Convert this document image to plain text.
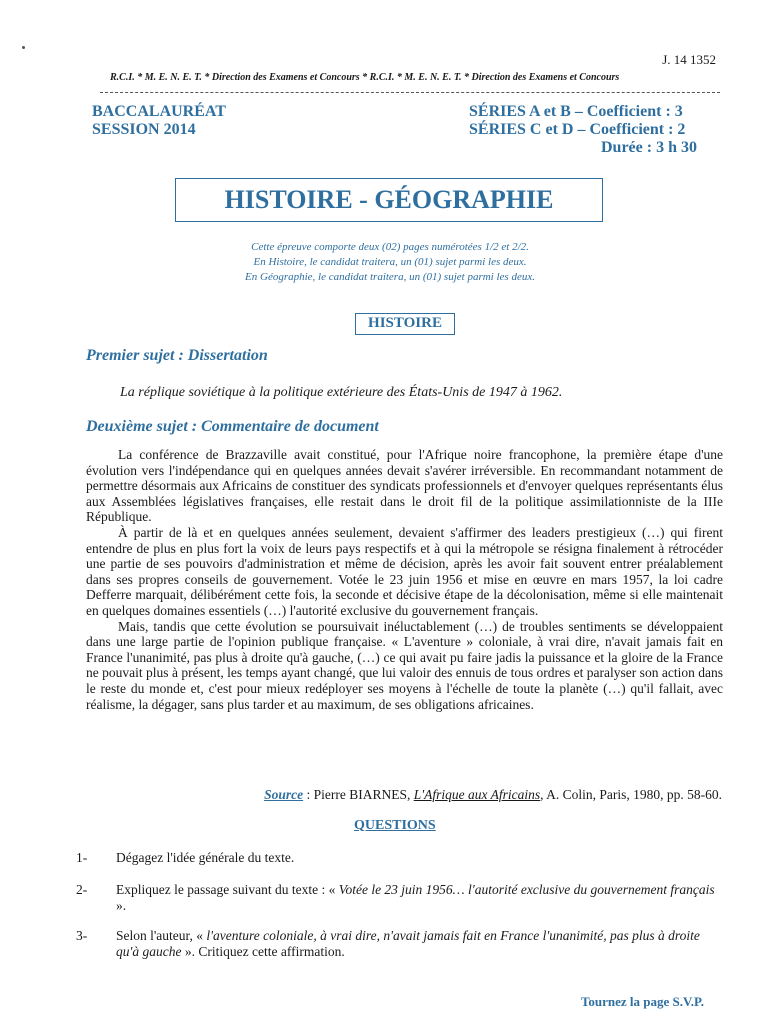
J. 14 1352
R.C.I. * M. E. N. E. T. * Direction des Examens et Concours * R.C.I. * M. E. N. E. T. * Direction des Examens et Concours
BACCALAURÉAT
SESSION 2014
SÉRIES A et B – Coefficient : 3
SÉRIES C et D – Coefficient : 2
Durée : 3 h 30
HISTOIRE - GÉOGRAPHIE
Cette épreuve comporte deux (02) pages numérotées 1/2 et 2/2.
En Histoire, le candidat traitera, un (01) sujet parmi les deux.
En Géographie, le candidat traitera, un (01) sujet parmi les deux.
HISTOIRE
Premier sujet : Dissertation
La réplique soviétique à la politique extérieure des États-Unis de 1947 à 1962.
Deuxième sujet : Commentaire de document

La conférence de Brazzaville avait constitué, pour l'Afrique noire francophone, la première étape d'une évolution vers l'indépendance qui en quelques années devait s'avérer irréversible. En recommandant notamment de permettre désormais aux Africains de constituer des syndicats professionnels et d'envoyer quelques représentants élus aux Assemblées législatives françaises, elle restait dans le droit fil de la politique assimilationniste de la IIIe République.

À partir de là et en quelques années seulement, devaient s'affirmer des leaders prestigieux (…) qui firent entendre de plus en plus fort la voix de leurs pays respectifs et à qui la métropole se résigna finalement à rétrocéder une partie de ses pouvoirs d'administration et même de décision, après les avoir fait souvent entrer préalablement dans ses propres conseils de gouvernement. Votée le 23 juin 1956 et mise en œuvre en mars 1957, la loi cadre Defferre marquait, délibérément cette fois, la seconde et décisive étape de la décolonisation, même si elle maintenait en quelques domaines essentiels (…) l'autorité exclusive du gouvernement français.

Mais, tandis que cette évolution se poursuivait inéluctablement (…) de troubles sentiments se développaient dans une large partie de l'opinion publique française. « L'aventure » coloniale, à vrai dire, n'avait jamais fait en France l'unanimité, pas plus à droite qu'à gauche, (…) ce qui avait pu faire jadis la puissance et la gloire de la France ne pouvait plus à présent, les temps ayant changé, que lui valoir des ennuis de tous ordres et paralyser son action dans le reste du monde et, c'est pour mieux redéployer ses moyens à l'échelle de toute la planète (…) qu'il fallait, avec réalisme, la dégager, sans plus tarder et au maximum, de ses obligations africaines.

Source : Pierre BIARNES, L'Afrique aux Africains, A. Colin, Paris, 1980, pp. 58-60.
QUESTIONS
1- Dégagez l'idée générale du texte.
2- Expliquez le passage suivant du texte : « Votée le 23 juin 1956… l'autorité exclusive du gouvernement français ».
3- Selon l'auteur, « l'aventure coloniale, à vrai dire, n'avait jamais fait en France l'unanimité, pas plus à droite qu'à gauche ». Critiquez cette affirmation.
Tournez la page S.V.P.
